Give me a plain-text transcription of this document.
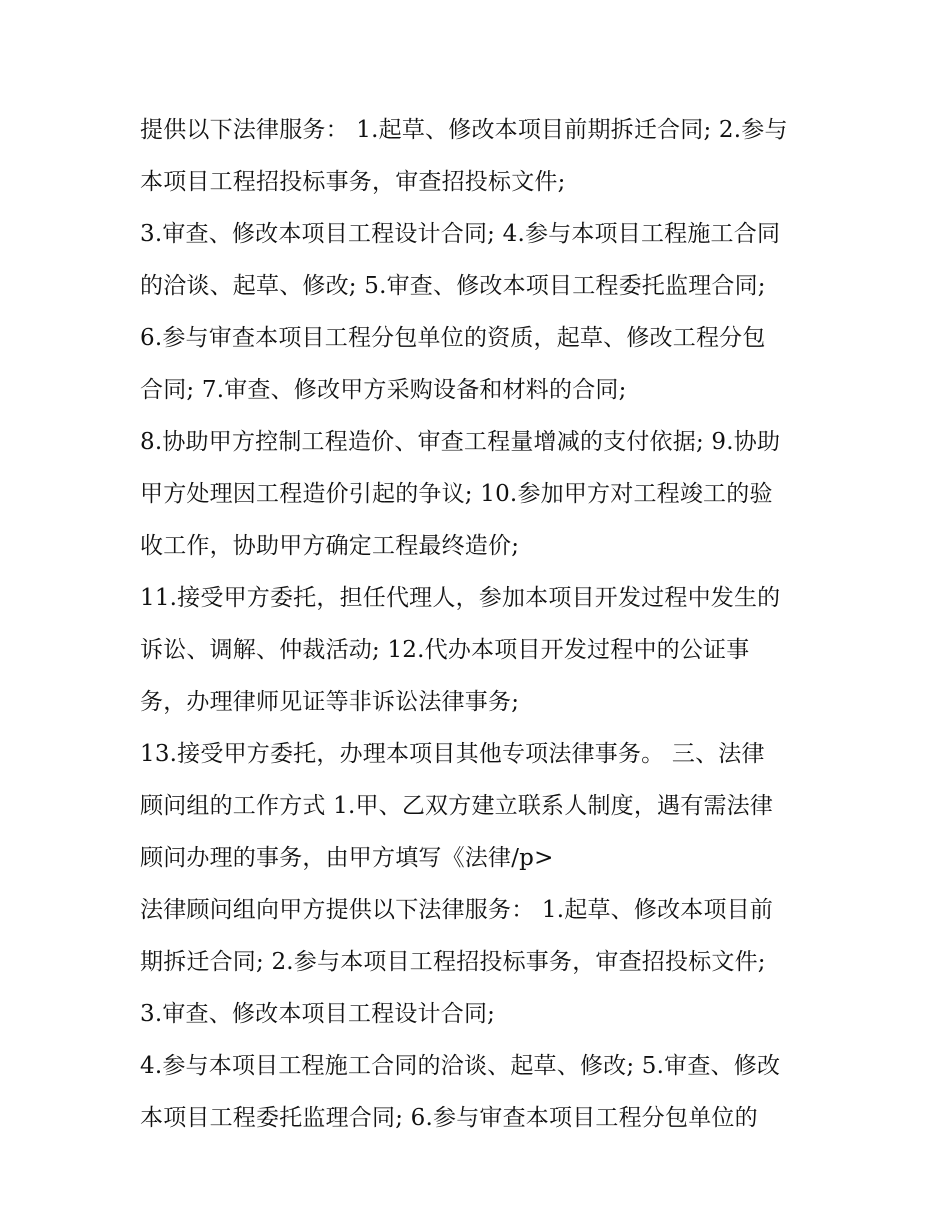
提供以下法律服务： 1.起草、修改本项目前期拆迁合同; 2.参与
本项目工程招投标事务，审查招投标文件;
3.审查、修改本项目工程设计合同; 4.参与本项目工程施工合同
的洽谈、起草、修改; 5.审查、修改本项目工程委托监理合同;
6.参与审查本项目工程分包单位的资质，起草、修改工程分包
合同; 7.审查、修改甲方采购设备和材料的合同;
8.协助甲方控制工程造价、审查工程量增减的支付依据; 9.协助
甲方处理因工程造价引起的争议; 10.参加甲方对工程竣工的验
收工作，协助甲方确定工程最终造价;
11.接受甲方委托，担任代理人，参加本项目开发过程中发生的
诉讼、调解、仲裁活动; 12.代办本项目开发过程中的公证事
务，办理律师见证等非诉讼法律事务;
13.接受甲方委托，办理本项目其他专项法律事务。 三、法律
顾问组的工作方式 1.甲、乙双方建立联系人制度，遇有需法律
顾问办理的事务，由甲方填写《法律/p>
法律顾问组向甲方提供以下法律服务： 1.起草、修改本项目前
期拆迁合同; 2.参与本项目工程招投标事务，审查招投标文件;
3.审查、修改本项目工程设计合同;
4.参与本项目工程施工合同的洽谈、起草、修改; 5.审查、修改
本项目工程委托监理合同; 6.参与审查本项目工程分包单位的
